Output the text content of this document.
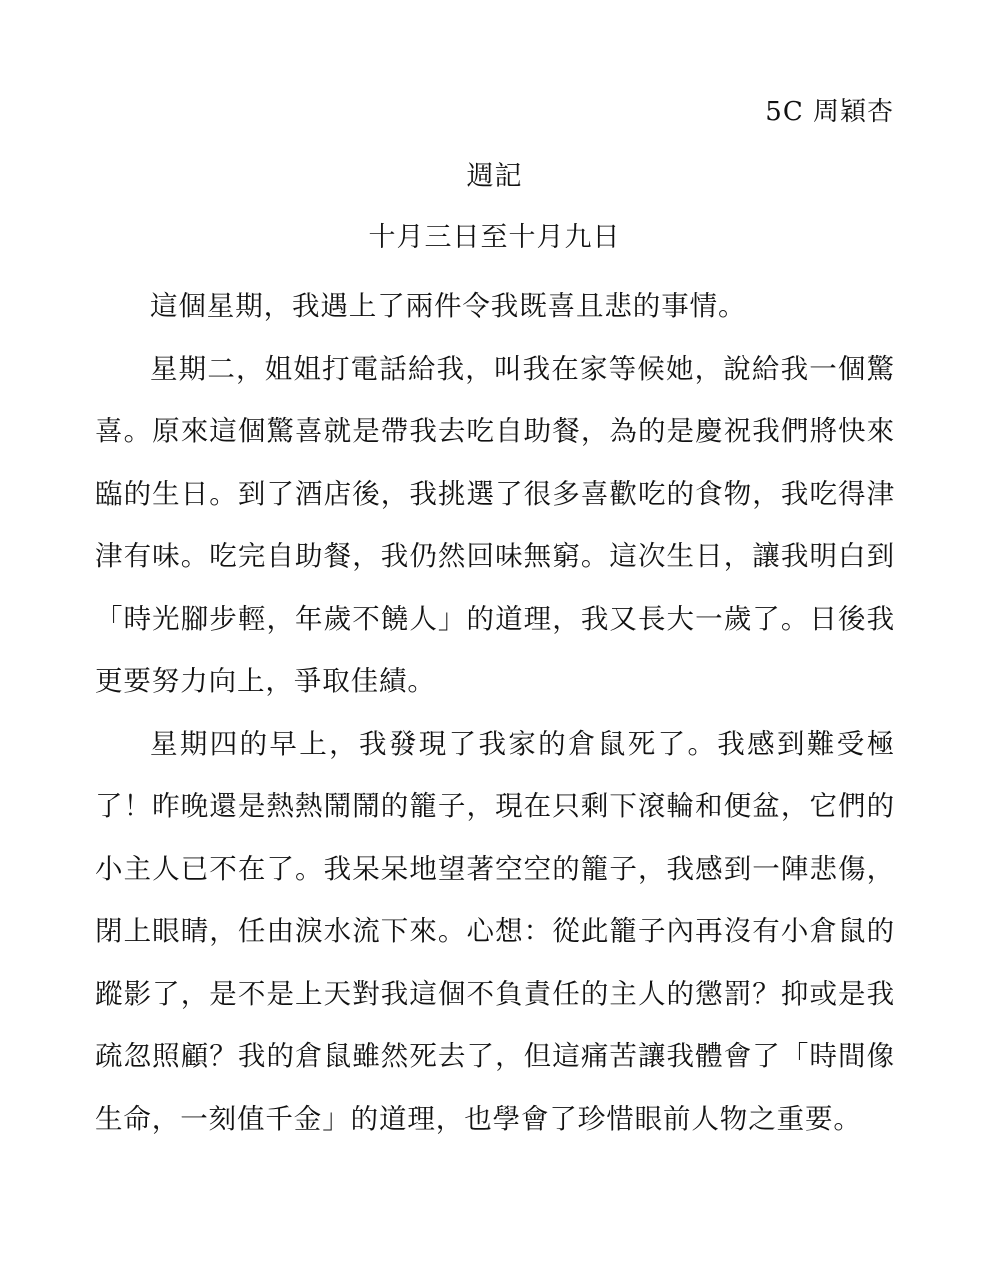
5C 周穎杏
週記
十月三日至十月九日

這個星期，我遇上了兩件令我既喜且悲的事情。

星期二，姐姐打電話給我，叫我在家等候她，說給我一個驚喜。原來這個驚喜就是帶我去吃自助餐，為的是慶祝我們將快來臨的生日。到了酒店後，我挑選了很多喜歡吃的食物，我吃得津津有味。吃完自助餐，我仍然回味無窮。這次生日，讓我明白到「時光腳步輕，年歲不饒人」的道理，我又長大一歲了。日後我更要努力向上，爭取佳績。

星期四的早上，我發現了我家的倉鼠死了。我感到難受極了！昨晚還是熱熱鬧鬧的籠子，現在只剩下滾輪和便盆，它們的小主人已不在了。我呆呆地望著空空的籠子，我感到一陣悲傷，閉上眼睛，任由淚水流下來。心想：從此籠子內再沒有小倉鼠的蹤影了，是不是上天對我這個不負責任的主人的懲罰？抑或是我疏忽照顧？我的倉鼠雖然死去了，但這痛苦讓我體會了「時間像生命，一刻值千金」的道理，也學會了珍惜眼前人物之重要。
